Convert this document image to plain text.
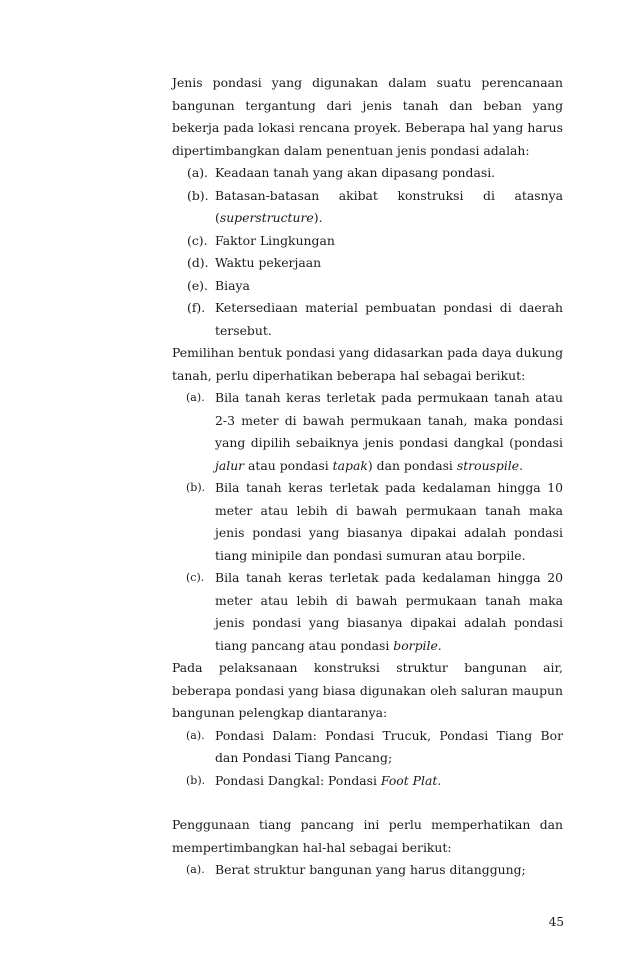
Jenis pondasi yang digunakan dalam suatu perencanaan bangunan tergantung dari jenis tanah dan beban yang bekerja pada lokasi rencana proyek. Beberapa hal yang harus dipertimbangkan dalam penentuan jenis pondasi adalah:

(a). Keadaan tanah yang akan dipasang pondasi.
(b). Batasan-batasan akibat konstruksi di atasnya (superstructure).
(c). Faktor Lingkungan
(d). Waktu pekerjaan
(e). Biaya
(f). Ketersediaan material pembuatan pondasi di daerah tersebut.

Pemilihan bentuk pondasi yang didasarkan pada daya dukung tanah, perlu diperhatikan beberapa hal sebagai berikut:

(a). Bila tanah keras terletak pada permukaan tanah atau 2-3 meter di bawah permukaan tanah, maka pondasi yang dipilih sebaiknya jenis pondasi dangkal (pondasi jalur atau pondasi tapak) dan pondasi strouspile.
(b). Bila tanah keras terletak pada kedalaman hingga 10 meter atau lebih di bawah permukaan tanah maka jenis pondasi yang biasanya dipakai adalah pondasi tiang minipile dan pondasi sumuran atau borpile.
(c). Bila tanah keras terletak pada kedalaman hingga 20 meter atau lebih di bawah permukaan tanah maka jenis pondasi yang biasanya dipakai adalah pondasi tiang pancang atau pondasi borpile.

Pada pelaksanaan konstruksi struktur bangunan air, beberapa pondasi yang biasa digunakan oleh saluran maupun bangunan pelengkap diantaranya:

(a). Pondasi Dalam: Pondasi Trucuk, Pondasi Tiang Bor dan Pondasi Tiang Pancang;
(b). Pondasi Dangkal: Pondasi Foot Plat.

Penggunaan tiang pancang ini perlu memperhatikan dan mempertimbangkan hal-hal sebagai berikut:

(a). Berat struktur bangunan yang harus ditanggung;
45
